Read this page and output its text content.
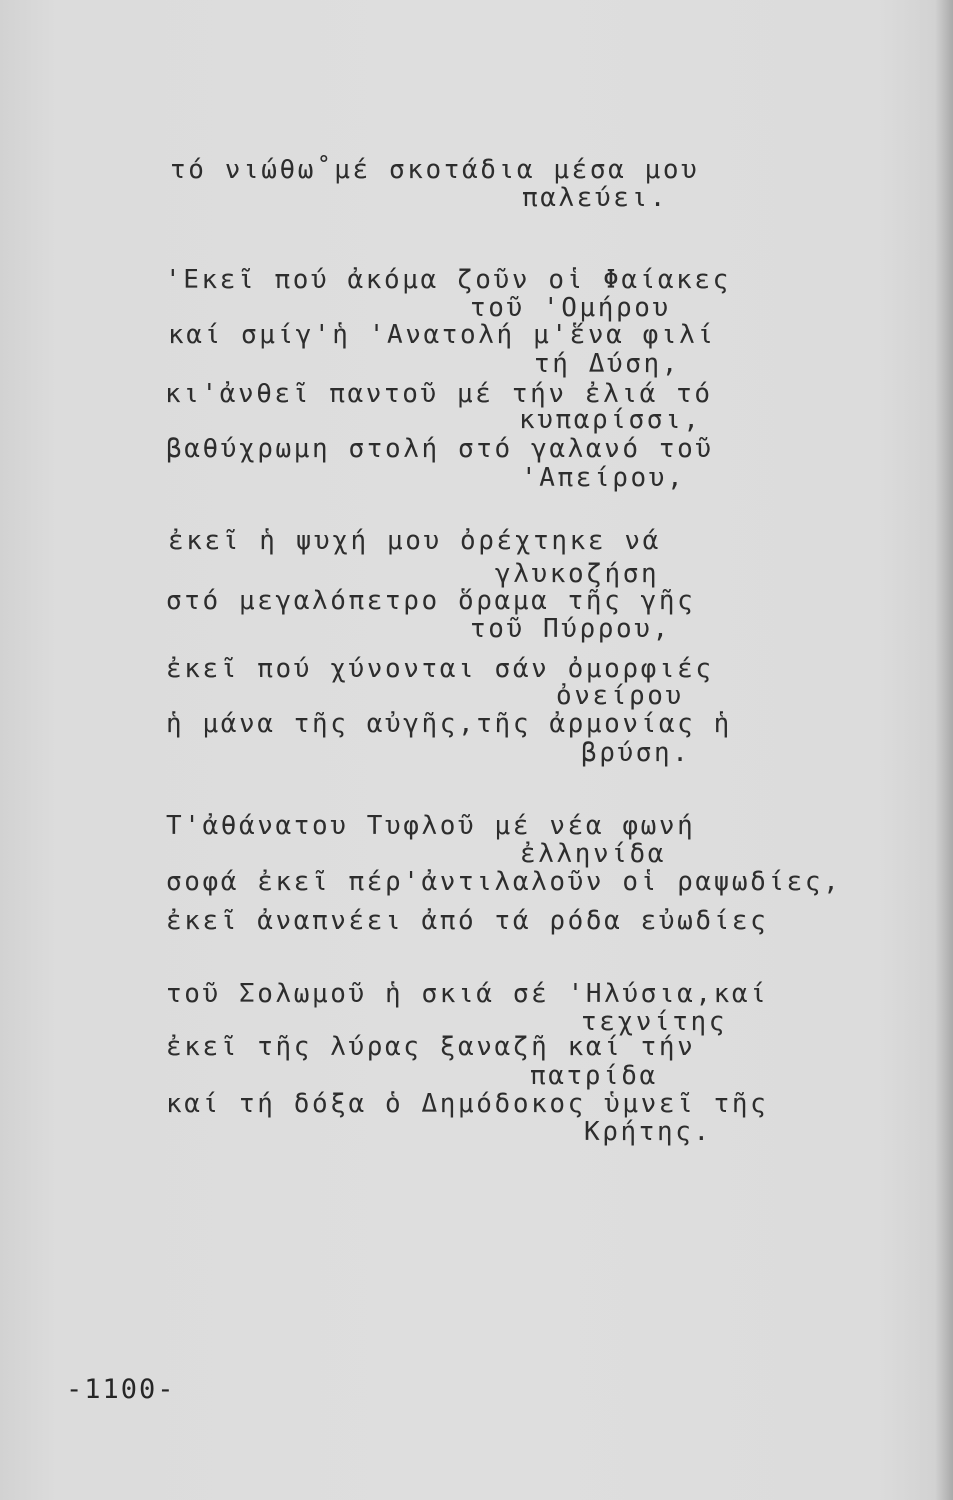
τό νιώθω˚μέ σκοτάδια μέσα μου
παλεύει.
'Εκεῖ πού ἀκόμα ζοῦν οἱ Φαίακες
τοῦ 'Ομήρου
καί σμίγ'ἡ 'Ανατολή μ'ἕνα φιλί
τή Δύση,
κι'ἀνθεῖ παντοῦ μέ τήν ἐλιά τό
κυπαρίσσι,
βαθύχρωμη στολή στό γαλανό τοῦ
'Απείρου,
ἐκεῖ ἡ ψυχή μου ὀρέχτηκε νά
γλυκοζήση
στό μεγαλόπετρο ὅραμα τῆς γῆς
τοῦ Πύρρου,
ἐκεῖ πού χύνονται σάν ὀμορφιές
ὀνείρου
ἡ μάνα τῆς αὐγῆς,τῆς ἀρμονίας ἡ
βρύση.
Τ'ἀθάνατου Τυφλοῦ μέ νέα φωνή
ἐλληνίδα
σοφά ἐκεῖ πέρ'ἀντιλαλοῦν οἱ ραψωδίες,
ἐκεῖ ἀναπνέει ἀπό τά ρόδα εὐωδίες
τοῦ Σολωμοῦ ἡ σκιά σέ 'Ηλύσια,καί
τεχνίτης
ἐκεῖ τῆς λύρας ξαναζῆ καί τήν
πατρίδα
καί τή δόξα ὁ Δημόδοκος ὑμνεῖ τῆς
Κρήτης.
-1100-
